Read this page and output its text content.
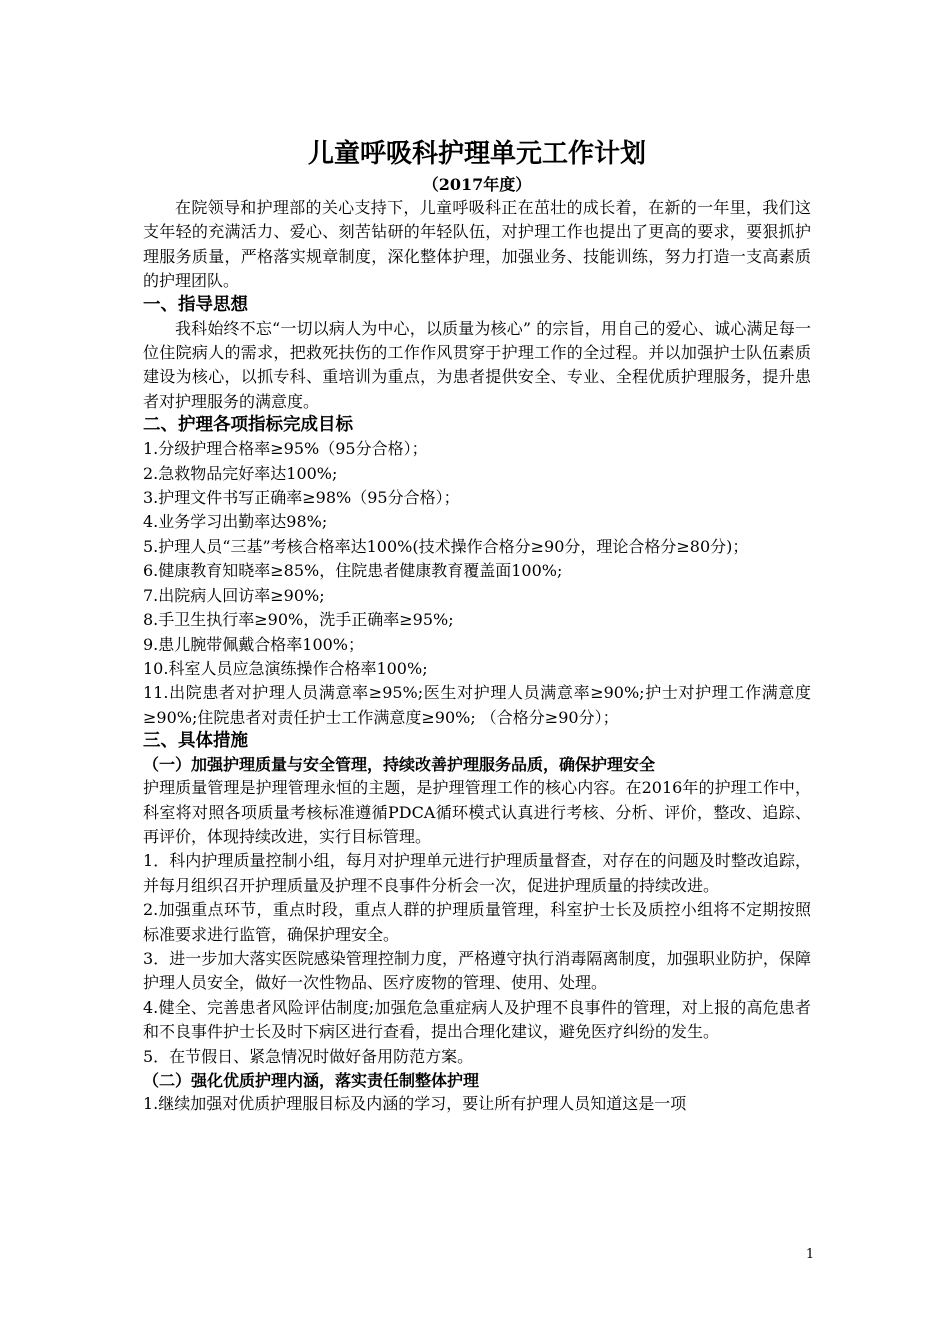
儿童呼吸科护理单元工作计划
（2017年度）

在院领导和护理部的关心支持下，儿童呼吸科正在茁壮的成长着，在新的一年里，我们这支年轻的充满活力、爱心、刻苦钻研的年轻队伍，对护理工作也提出了更高的要求，要狠抓护理服务质量，严格落实规章制度，深化整体护理，加强业务、技能训练，努力打造一支高素质的护理团队。

一、指导思想

我科始终不忘“一切以病人为中心，以质量为核心” 的宗旨，用自己的爱心、诚心满足每一位住院病人的需求，把救死扶伤的工作作风贯穿于护理工作的全过程。并以加强护士队伍素质建设为核心，以抓专科、重培训为重点，为患者提供安全、专业、全程优质护理服务，提升患者对护理服务的满意度。

二、护理各项指标完成目标
1.分级护理合格率≥95%（95分合格）；
2.急救物品完好率达100%;
3.护理文件书写正确率≥98%（95分合格）；
4.业务学习出勤率达98%;
5.护理人员“三基”考核合格率达100%(技术操作合格分≥90分，理论合格分≥80分)；
6.健康教育知晓率≥85%，住院患者健康教育覆盖面100%;
7.出院病人回访率≥90%;
8.手卫生执行率≥90%，洗手正确率≥95%;
9.患儿腕带佩戴合格率100%；
10.科室人员应急演练操作合格率100%;
11.出院患者对护理人员满意率≥95%;医生对护理人员满意率≥90%;护士对护理工作满意度≥90%;住院患者对责任护士工作满意度≥90%; （合格分≥90分）；
三、具体措施
（一）加强护理质量与安全管理，持续改善护理服务品质，确保护理安全

护理质量管理是护理管理永恒的主题，是护理管理工作的核心内容。在2016年的护理工作中，科室将对照各项质量考核标准遵循PDCA循环模式认真进行考核、分析、评价，整改、追踪、再评价，体现持续改进，实行目标管理。

1．科内护理质量控制小组，每月对护理单元进行护理质量督查，对存在的问题及时整改追踪，并每月组织召开护理质量及护理不良事件分析会一次，促进护理质量的持续改进。
2.加强重点环节，重点时段，重点人群的护理质量管理，科室护士长及质控小组将不定期按照标准要求进行监管，确保护理安全。
3．进一步加大落实医院感染管理控制力度，严格遵守执行消毒隔离制度，加强职业防护，保障护理人员安全，做好一次性物品、医疗废物的管理、使用、处理。
4.健全、完善患者风险评估制度;加强危急重症病人及护理不良事件的管理，对上报的高危患者和不良事件护士长及时下病区进行查看，提出合理化建议，避免医疗纠纷的发生。
5．在节假日、紧急情况时做好备用防范方案。
（二）强化优质护理内涵，落实责任制整体护理
1.继续加强对优质护理服目标及内涵的学习，要让所有护理人员知道这是一项
1
